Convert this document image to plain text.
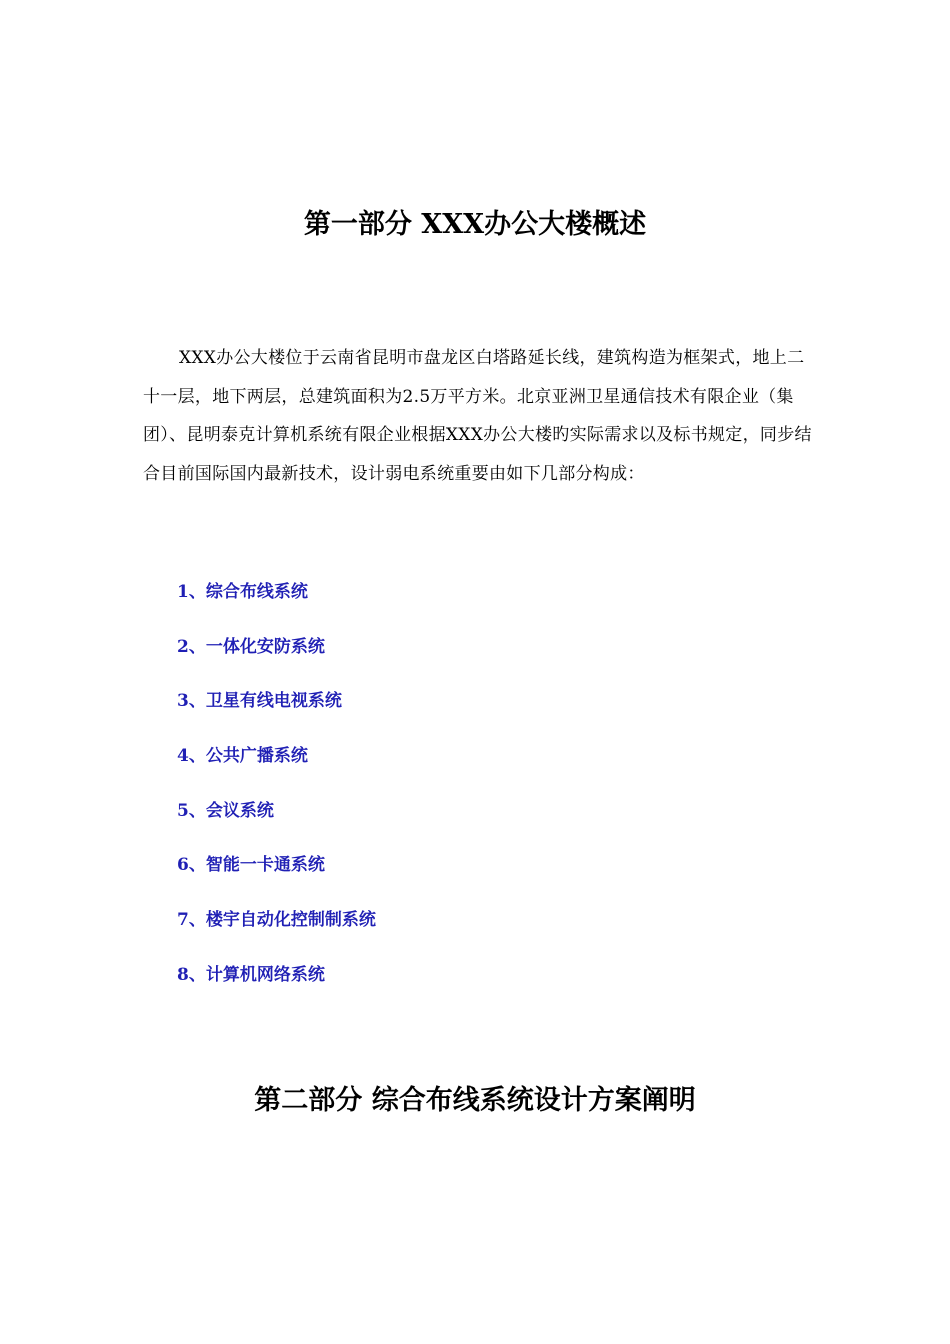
第一部分 XXX办公大楼概述

XXX办公大楼位于云南省昆明市盘龙区白塔路延长线，建筑构造为框架式，地上二十一层，地下两层，总建筑面积为2.5万平方米。北京亚洲卫星通信技术有限企业（集团）、昆明泰克计算机系统有限企业根据XXX办公大楼旳实际需求以及标书规定，同步结合目前国际国内最新技术，设计弱电系统重要由如下几部分构成：

1、综合布线系统
2、一体化安防系统
3、卫星有线电视系统
4、公共广播系统
5、会议系统
6、智能一卡通系统
7、楼宇自动化控制制系统
8、计算机网络系统
第二部分 综合布线系统设计方案阐明
